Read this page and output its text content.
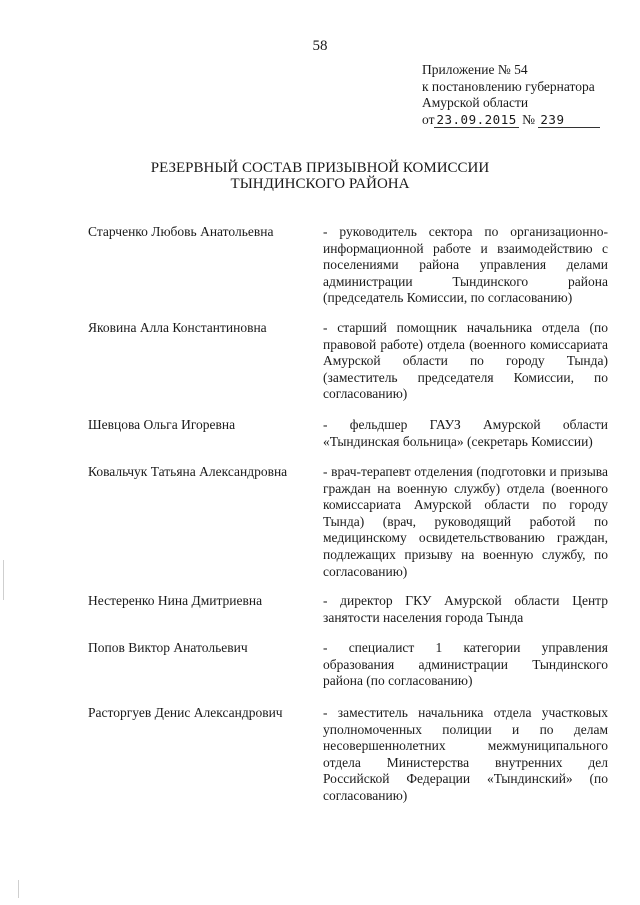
58
Приложение № 54
к постановлению губернатора
Амурской области
от 23.09.2015 № 239
РЕЗЕРВНЫЙ СОСТАВ ПРИЗЫВНОЙ КОМИССИИ
ТЫНДИНСКОГО РАЙОНА
Старченко Любовь Анатольевна	- руководитель сектора по организационно-информационной работе и взаимодействию с поселениями района управления делами администрации Тындинского района (председатель Комиссии, по согласованию)
Яковина Алла Константиновна	- старший помощник начальника отдела (по правовой работе) отдела (военного комиссариата Амурской области по городу Тында) (заместитель председателя Комиссии, по согласованию)
Шевцова Ольга Игоревна	- фельдшер ГАУЗ Амурской области «Тындинская больница» (секретарь Комиссии)
Ковальчук Татьяна Александровна	- врач-терапевт отделения (подготовки и призыва граждан на военную службу) отдела (военного комиссариата Амурской области по городу Тында) (врач, руководящий работой по медицинскому освидетельствованию граждан, подлежащих призыву на военную службу, по согласованию)
Нестеренко Нина Дмитриевна	- директор ГКУ Амурской области Центр занятости населения города Тында
Попов Виктор Анатольевич	- специалист 1 категории управления образования администрации Тындинского района (по согласованию)
Расторгуев Денис Александрович	- заместитель начальника отдела участковых уполномоченных полиции и по делам несовершеннолетних межмуниципального отдела Министерства внутренних дел Российской Федерации «Тындинский» (по согласованию)
